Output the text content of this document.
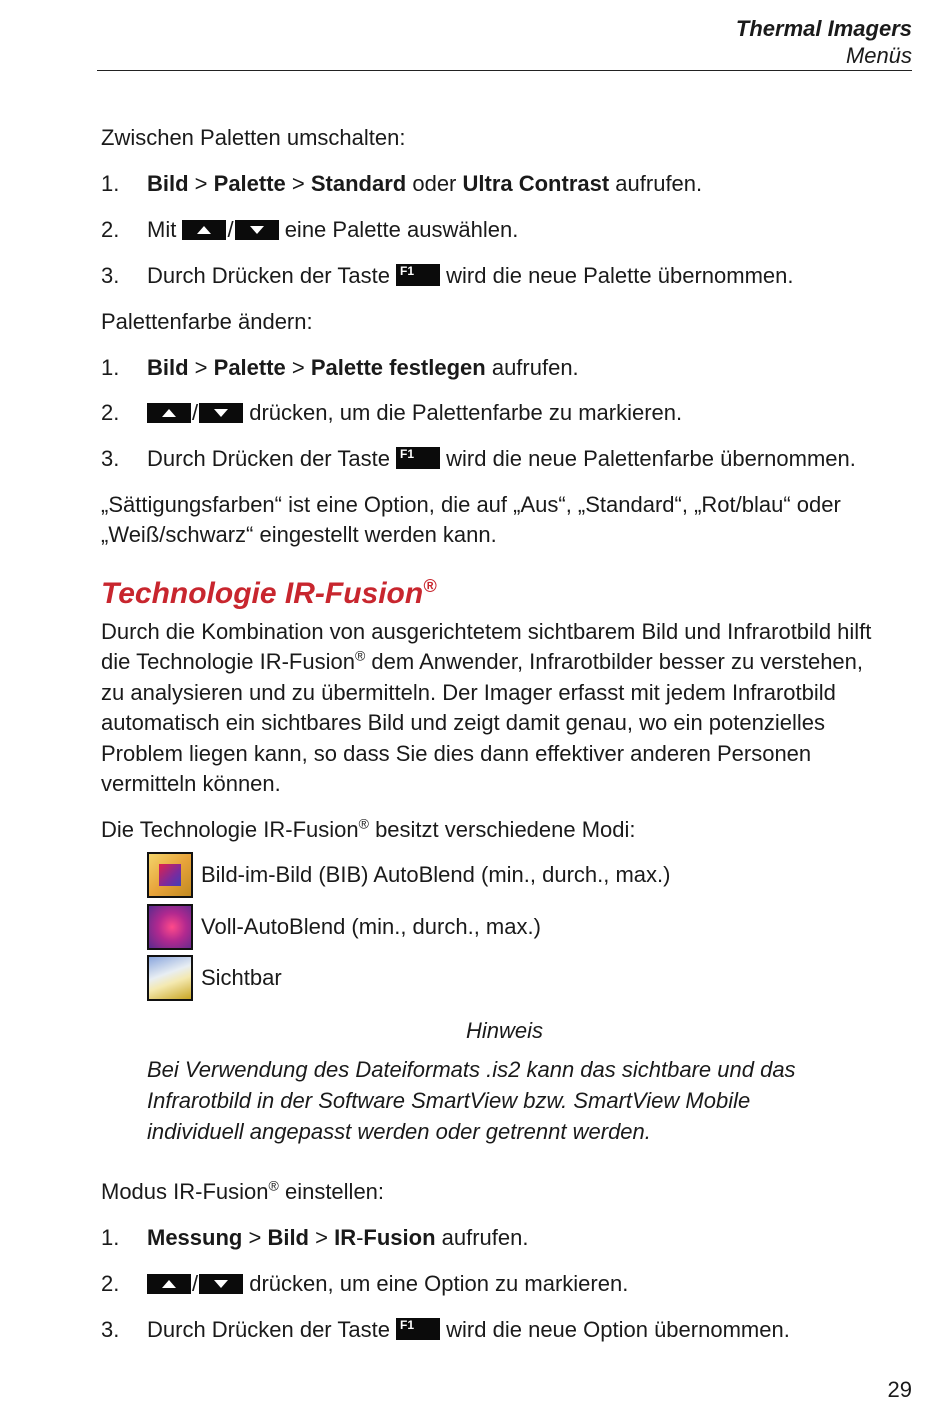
Thermal Imagers
Menüs

Zwischen Paletten umschalten:

1. Bild > Palette > Standard oder Ultra Contrast aufrufen.

2. Mit
/
eine Palette auswählen.

3. Durch Drücken der Taste F1 wird die neue Palette übernommen.

Palettenfarbe ändern:

1. Bild > Palette > Palette festlegen aufrufen.

2.	/
drücken, um die Palettenfarbe zu markieren.

3. Durch Drücken der Taste F1 wird die neue Palettenfarbe übernommen.

„Sättigungsfarben“ ist eine Option, die auf „Aus“, „Standard“, „Rot/blau“ oder

„Weiß/schwarz“ eingestellt werden kann.

Technologie IR-Fusion®

Durch die Kombination von ausgerichtetem sichtbarem Bild und Infrarotbild hilft

die Technologie IR-Fusion® dem Anwender, Infrarotbilder besser zu verstehen,

zu analysieren und zu übermitteln. Der Imager erfasst mit jedem Infrarotbild

automatisch ein sichtbares Bild und zeigt damit genau, wo ein potenzielles

Problem liegen kann, so dass Sie dies dann effektiver anderen Personen

vermitteln können.

Die Technologie IR-Fusion® besitzt verschiedene Modi:

Bild-im-Bild (BIB) AutoBlend (min., durch., max.)
Voll-AutoBlend (min., durch., max.)
Sichtbar
Hinweis

Bei Verwendung des Dateiformats .is2 kann das sichtbare und das Infrarotbild in der Software SmartView bzw. SmartView Mobile individuell angepasst werden oder getrennt werden.

Modus IR-Fusion® einstellen:

1. Messung > Bild > IR-Fusion aufrufen.

2.	/
drücken, um eine Option zu markieren.

3. Durch Drücken der Taste F1 wird die neue Option übernommen.

29
